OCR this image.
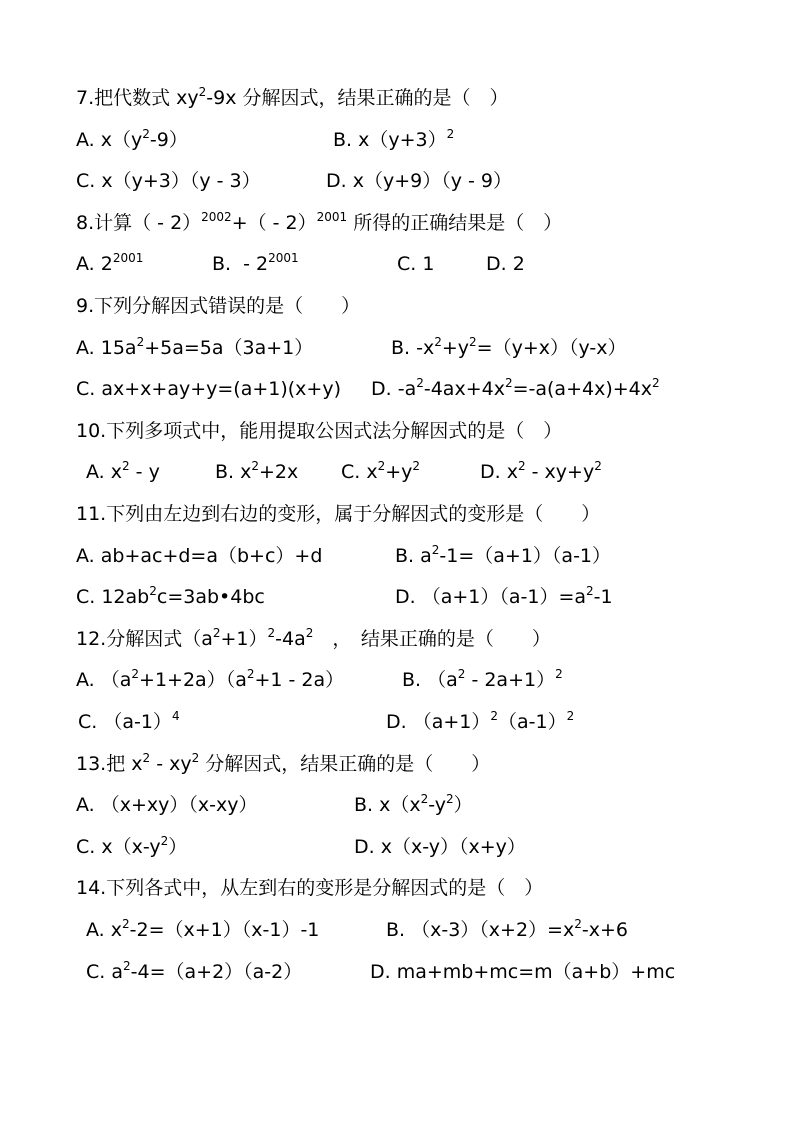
7.把代数式 $xy^2-9x$ 分解因式，结果正确的是（　）
A. $x(y^2-9)$	B. $x(y+3)^2$
C. x（y+3）（y - 3）	D. x（y+9）（y - 9）
8.计算（ - 2）$^{2002}$+（ - 2）$^{2001}$ 所得的正确结果是（　）
A. $2^{2001}$	B.  - $2^{2001}$	C. 1	D. 2
9.下列分解因式错误的是（　　）
A. $15a^2+5a=5a(3a+1)$	B. $-x^2+y^2=(y+x)(y-x)$
C. ax+x+ay+y=(a+1)(x+y) D. $-a^2-4ax+4x^2=-a(a+4x)+4x^2$
10.下列多项式中，能用提取公因式法分解因式的是（　）
A. $x^2$ - y	B. $x^2+2x$ C. $x^2+y^2$	D. $x^2 - xy+y^2$
11.下列由左边到右边的变形，属于分解因式的变形是（　　）
A. ab+ac+d=a（b+c）+d	B. $a^2-1=(a+1)(a-1)$
C. $12ab^2c=3ab•4bc$	D. $(a+1)(a-1)=a^2-1$
12.分解因式$(a^2+1)^2-4a^2$　，　结果正确的是（　　）
A. $(a^2+1+2a)(a^2+1 - 2a)$	B. $(a^2 - 2a+1)^2$
C. $(a-1)^4$	D. $(a+1)^2(a-1)^2$
13.把 $x^2 - xy^2$ 分解因式，结果正确的是（　　）
A. （x+xy）（x-xy）	B. $x(x^2-y^2)$
C. $x(x-y^2)$	D. x（x-y）（x+y）
14.下列各式中，从左到右的变形是分解因式的是（　）
A. $x^2-2=(x+1)(x-1)-1$	B. $(x-3)(x+2)=x^2-x+6$
C. $a^2-4=(a+2)(a-2)$	D. ma+mb+mc=m（a+b）+mc
